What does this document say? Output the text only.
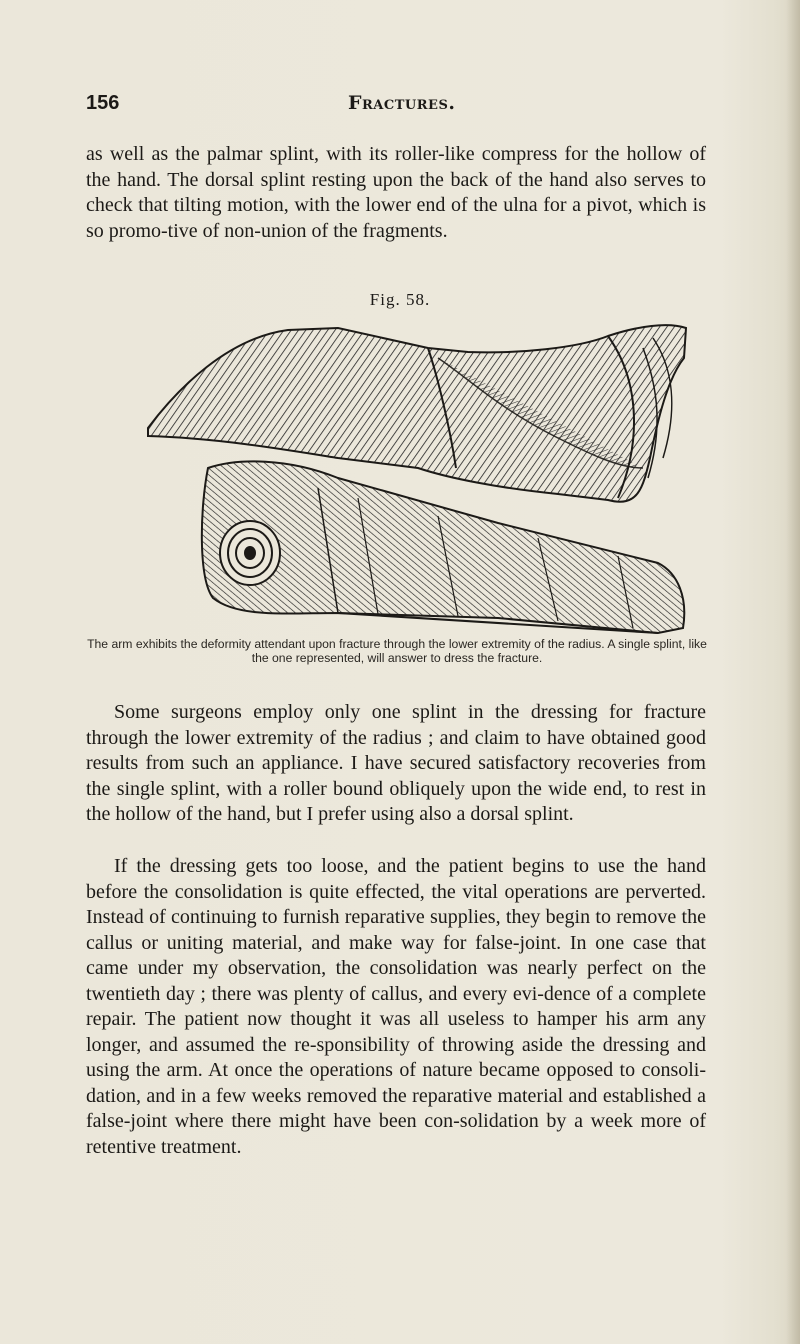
156	Fractures.

as well as the palmar splint, with its roller-like compress for the hollow of the hand. The dorsal splint resting upon the back of the hand also serves to check that tilting motion, with the lower end of the ulna for a pivot, which is so promo-tive of non-union of the fragments.

Fig. 58.
The arm exhibits the deformity attendant upon fracture through the lower extremity of the radius. A single splint, like the one represented, will answer to dress the fracture.

Some surgeons employ only one splint in the dressing for fracture through the lower extremity of the radius ; and claim to have obtained good results from such an appliance. I have secured satisfactory recoveries from the single splint, with a roller bound obliquely upon the wide end, to rest in the hollow of the hand, but I prefer using also a dorsal splint.

If the dressing gets too loose, and the patient begins to use the hand before the consolidation is quite effected, the vital operations are perverted. Instead of continuing to furnish reparative supplies, they begin to remove the callus or uniting material, and make way for false-joint. In one case that came under my observation, the consolidation was nearly perfect on the twentieth day ; there was plenty of callus, and every evi-dence of a complete repair. The patient now thought it was all useless to hamper his arm any longer, and assumed the re-sponsibility of throwing aside the dressing and using the arm. At once the operations of nature became opposed to consoli-dation, and in a few weeks removed the reparative material and established a false-joint where there might have been con-solidation by a week more of retentive treatment.
